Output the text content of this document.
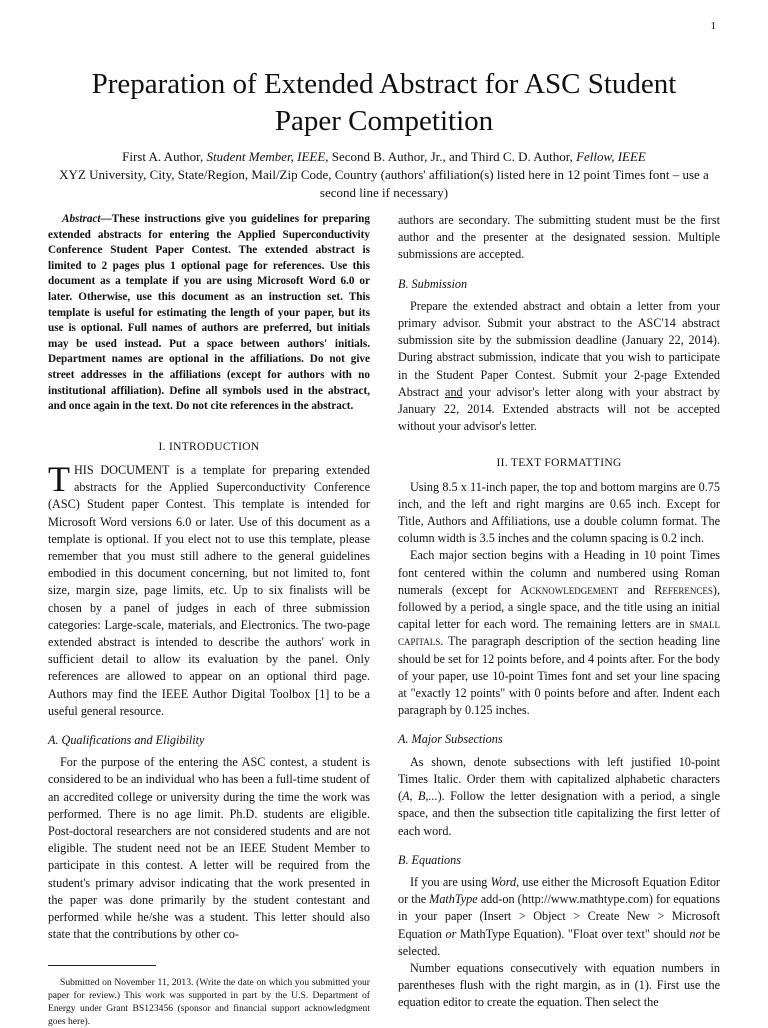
1
Preparation of Extended Abstract for ASC Student
Paper Competition
First A. Author, Student Member, IEEE, Second B. Author, Jr., and Third C. D. Author, Fellow, IEEE
XYZ University, City, State/Region, Mail/Zip Code, Country (authors' affiliation(s) listed here in 12 point Times font – use a second line if necessary)

Abstract—These instructions give you guidelines for preparing extended abstracts for entering the Applied Superconductivity Conference Student Paper Contest. The extended abstract is limited to 2 pages plus 1 optional page for references. Use this document as a template if you are using Microsoft Word 6.0 or later. Otherwise, use this document as an instruction set. This template is useful for estimating the length of your paper, but its use is optional. Full names of authors are preferred, but initials may be used instead. Put a space between authors' initials. Department names are optional in the affiliations. Do not give street addresses in the affiliations (except for authors with no institutional affiliation). Define all symbols used in the abstract, and once again in the text. Do not cite references in the abstract.

I. INTRODUCTION

THIS DOCUMENT is a template for preparing extended abstracts for the Applied Superconductivity Conference (ASC) Student paper Contest. This template is intended for Microsoft Word versions 6.0 or later. Use of this document as a template is optional. If you elect not to use this template, please remember that you must still adhere to the general guidelines embodied in this document concerning, but not limited to, font size, margin size, page limits, etc. Up to six finalists will be chosen by a panel of judges in each of three submission categories: Large-scale, materials, and Electronics. The two-page extended abstract is intended to describe the authors' work in sufficient detail to allow its evaluation by the panel. Only references are allowed to appear on an optional third page. Authors may find the IEEE Author Digital Toolbox [1] to be a useful general resource.

A. Qualifications and Eligibility

For the purpose of the entering the ASC contest, a student is considered to be an individual who has been a full-time student of an accredited college or university during the time the work was performed. There is no age limit. Ph.D. students are eligible. Post-doctoral researchers are not considered students and are not eligible. The student need not be an IEEE Student Member to participate in this contest. A letter will be required from the student's primary advisor indicating that the work presented in the paper was done primarily by the student contestant and performed while he/she was a student. This letter should also state that the contributions by other co-

Submitted on November 11, 2013. (Write the date on which you submitted your paper for review.) This work was supported in part by the U.S. Department of Energy under Grant BS123456 (sponsor and financial support acknowledgment goes here).

authors are secondary. The submitting student must be the first author and the presenter at the designated session. Multiple submissions are accepted.

B. Submission

Prepare the extended abstract and obtain a letter from your primary advisor. Submit your abstract to the ASC'14 abstract submission site by the submission deadline (January 22, 2014). During abstract submission, indicate that you wish to participate in the Student Paper Contest. Submit your 2-page Extended Abstract and your advisor's letter along with your abstract by January 22, 2014. Extended abstracts will not be accepted without your advisor's letter.

II. TEXT FORMATTING

Using 8.5 x 11-inch paper, the top and bottom margins are 0.75 inch, and the left and right margins are 0.65 inch. Except for Title, Authors and Affiliations, use a double column format. The column width is 3.5 inches and the column spacing is 0.2 inch.

Each major section begins with a Heading in 10 point Times font centered within the column and numbered using Roman numerals (except for Acknowledgement and References), followed by a period, a single space, and the title using an initial capital letter for each word. The remaining letters are in small capitals. The paragraph description of the section heading line should be set for 12 points before, and 4 points after. For the body of your paper, use 10-point Times font and set your line spacing at "exactly 12 points" with 0 points before and after. Indent each paragraph by 0.125 inches.

A. Major Subsections

As shown, denote subsections with left justified 10-point Times Italic. Order them with capitalized alphabetic characters (A, B,...). Follow the letter designation with a period, a single space, and then the subsection title capitalizing the first letter of each word.

B. Equations

If you are using Word, use either the Microsoft Equation Editor or the MathType add-on (http://www.mathtype.com) for equations in your paper (Insert > Object > Create New > Microsoft Equation or MathType Equation). "Float over text" should not be selected.

Number equations consecutively with equation numbers in parentheses flush with the right margin, as in (1). First use the equation editor to create the equation. Then select the
